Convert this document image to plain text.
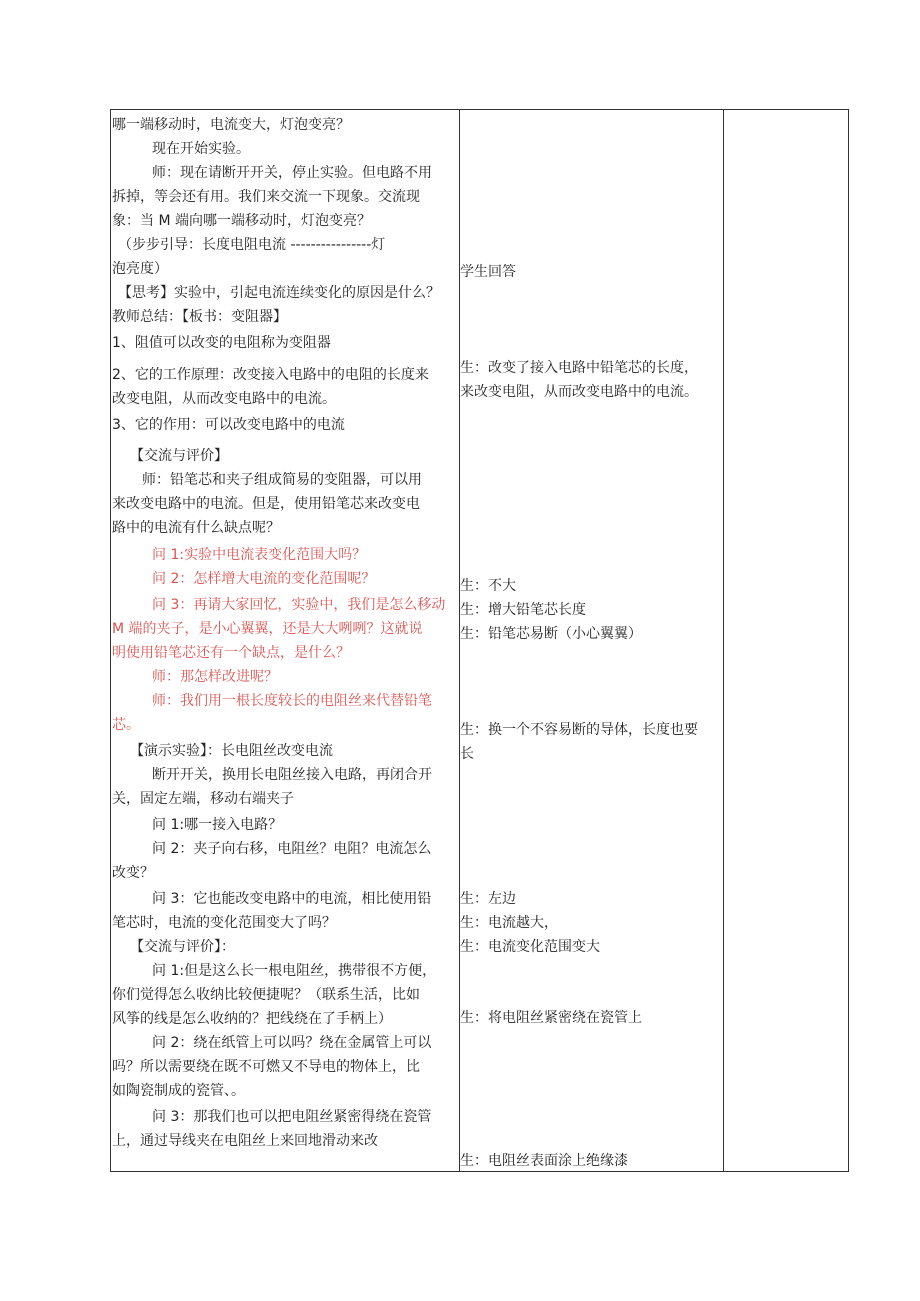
哪一端移动时，电流变大，灯泡变亮？
现在开始实验。
师：现在请断开开关，停止实验。但电路不用
拆掉，等会还有用。我们来交流一下现象。交流现
象：当 M 端向哪一端移动时，灯泡变亮？
（步步引导：长度电阻电流 ----------------灯
泡亮度）
【思考】实验中，引起电流连续变化的原因是什么？
教师总结：【板书：变阻器】
1、阻值可以改变的电阻称为变阻器
2、它的工作原理：改变接入电路中的电阻的长度来
改变电阻，从而改变电路中的电流。
3、它的作用：可以改变电路中的电流
【交流与评价】
师：铅笔芯和夹子组成简易的变阻器，可以用
来改变电路中的电流。但是，使用铅笔芯来改变电
路中的电流有什么缺点呢？
问 1:实验中电流表变化范围大吗？
问 2：怎样增大电流的变化范围呢？
问 3：再请大家回忆，实验中，我们是怎么移动
M 端的夹子，是小心翼翼，还是大大咧咧？这就说
明使用铅笔芯还有一个缺点，是什么？
师：那怎样改进呢？
师：我们用一根长度较长的电阻丝来代替铅笔
芯。
【演示实验】：长电阻丝改变电流
断开开关，换用长电阻丝接入电路，再闭合开
关，固定左端，移动右端夹子
问 1:哪一接入电路？
问 2：夹子向右移，电阻丝？电阻？电流怎么
改变？
问 3：它也能改变电路中的电流，相比使用铅
笔芯时，电流的变化范围变大了吗？
【交流与评价】：
问 1:但是这么长一根电阻丝，携带很不方便，
你们觉得怎么收纳比较便捷呢？（联系生活，比如
风筝的线是怎么收纳的？把线绕在了手柄上）
问 2：绕在纸管上可以吗？绕在金属管上可以
吗？所以需要绕在既不可燃又不导电的物体上，比
如陶瓷制成的瓷管、。
问 3：那我们也可以把电阻丝紧密得绕在瓷管
上，通过导线夹在电阻丝上来回地滑动来改
学生回答
生：改变了接入电路中铅笔芯的长度，
来改变电阻，从而改变电路中的电流。
生：不大
生：增大铅笔芯长度
生：铅笔芯易断（小心翼翼）
生：换一个不容易断的导体，长度也要
长
生：左边
生：电流越大，
生：电流变化范围变大
生：将电阻丝紧密绕在瓷管上
生：电阻丝表面涂上绝缘漆
